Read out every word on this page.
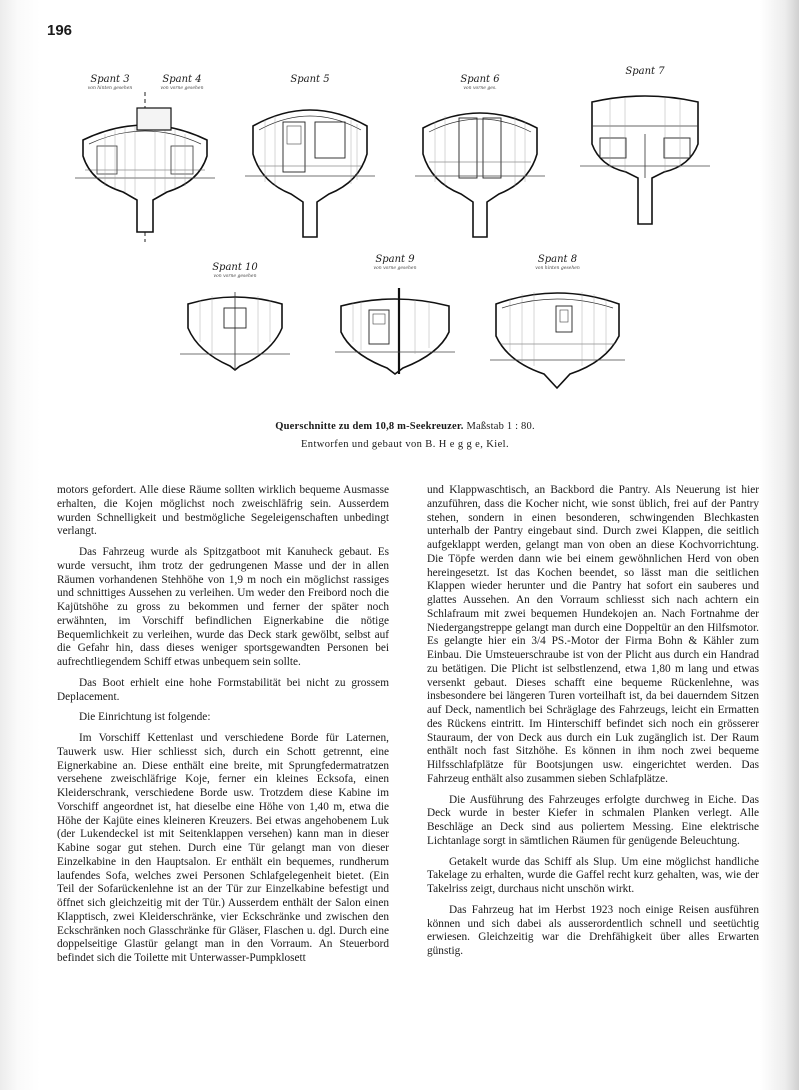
196
Spant 3
von hinten gesehen
Spant 4
von vorne gesehen
Spant 5	Spant 6
von vorne ges.
Spant 7
Spant 10
von vorne gesehen
Spant 9
von vorne gesehen
Spant 8
von hinten gesehen
Querschnitte zu dem 10,8 m-Seekreuzer. Maßstab 1 : 80.
Entworfen und gebaut von B. H e g g e, Kiel.

motors gefordert. Alle diese Räume sollten wirklich bequeme Ausmasse erhalten, die Kojen möglichst noch zweischläfrig sein. Ausserdem wurden Schnelligkeit und bestmögliche Segeleigenschaften unbedingt verlangt.

Das Fahrzeug wurde als Spitzgatboot mit Kanuheck gebaut. Es wurde versucht, ihm trotz der gedrungenen Masse und der in allen Räumen vorhandenen Stehhöhe von 1,9 m noch ein möglichst rassiges und schnittiges Aussehen zu verleihen. Um weder den Freibord noch die Kajütshöhe zu gross zu bekommen und ferner der später noch erwähnten, im Vorschiff befindlichen Eignerkabine die nötige Bequemlichkeit zu verleihen, wurde das Deck stark gewölbt, selbst auf die Gefahr hin, dass dieses weniger sportsgewandten Personen bei aufrechtliegendem Schiff etwas unbequem sein sollte.

Das Boot erhielt eine hohe Formstabilität bei nicht zu grossem Deplacement.

Die Einrichtung ist folgende:

Im Vorschiff Kettenlast und verschiedene Borde für Laternen, Tauwerk usw. Hier schliesst sich, durch ein Schott getrennt, eine Eignerkabine an. Diese enthält eine breite, mit Sprungfedermatratzen versehene zweischläfrige Koje, ferner ein kleines Ecksofa, einen Kleiderschrank, verschiedene Borde usw. Trotzdem diese Kabine im Vorschiff angeordnet ist, hat dieselbe eine Höhe von 1,40 m, etwa die Höhe der Kajüte eines kleineren Kreuzers. Bei etwas angehobenem Luk (der Lukendeckel ist mit Seitenklappen versehen) kann man in dieser Kabine sogar gut stehen. Durch eine Tür gelangt man von dieser Einzelkabine in den Hauptsalon. Er enthält ein bequemes, rundherum laufendes Sofa, welches zwei Personen Schlafgelegenheit bietet. (Ein Teil der Sofarückenlehne ist an der Tür zur Einzelkabine befestigt und öffnet sich gleichzeitig mit der Tür.) Ausserdem enthält der Salon einen Klapptisch, zwei Kleiderschränke, vier Eckschränke und zwischen den Eckschränken noch Glasschränke für Gläser, Flaschen u. dgl. Durch eine doppelseitige Glastür gelangt man in den Vorraum. An Steuerbord befindet sich die Toilette mit Unterwasser-Pumpklosett

und Klappwaschtisch, an Backbord die Pantry. Als Neuerung ist hier anzuführen, dass die Kocher nicht, wie sonst üblich, frei auf der Pantry stehen, sondern in einen besonderen, schwingenden Blechkasten unterhalb der Pantry eingebaut sind. Durch zwei Klappen, die seitlich aufgeklappt werden, gelangt man von oben an diese Kochvorrichtung. Die Töpfe werden dann wie bei einem gewöhnlichen Herd von oben hereingesetzt. Ist das Kochen beendet, so lässt man die seitlichen Klappen wieder herunter und die Pantry hat sofort ein sauberes und glattes Aussehen. An den Vorraum schliesst sich nach achtern ein Schlafraum mit zwei bequemen Hundekojen an. Nach Fortnahme der Niedergangstreppe gelangt man durch eine Doppeltür an den Hilfsmotor. Es gelangte hier ein 3/4 PS.-Motor der Firma Bohn & Kähler zum Einbau. Die Umsteuerschraube ist von der Plicht aus durch ein Handrad zu betätigen. Die Plicht ist selbstlenzend, etwa 1,80 m lang und etwas versenkt gebaut. Dieses schafft eine bequeme Rückenlehne, was insbesondere bei längeren Turen vorteilhaft ist, da bei dauerndem Sitzen auf Deck, namentlich bei Schräglage des Fahrzeugs, leicht ein Ermatten des Rückens eintritt. Im Hinterschiff befindet sich noch ein grösserer Stauraum, der von Deck aus durch ein Luk zugänglich ist. Der Raum enthält noch fast Sitzhöhe. Es können in ihm noch zwei bequeme Hilfsschlafplätze für Bootsjungen usw. eingerichtet werden. Das Fahrzeug enthält also zusammen sieben Schlafplätze.

Die Ausführung des Fahrzeuges erfolgte durchweg in Eiche. Das Deck wurde in bester Kiefer in schmalen Planken verlegt. Alle Beschläge an Deck sind aus poliertem Messing. Eine elektrische Lichtanlage sorgt in sämtlichen Räumen für genügende Beleuchtung.

Getakelt wurde das Schiff als Slup. Um eine möglichst handliche Takelage zu erhalten, wurde die Gaffel recht kurz gehalten, was, wie der Takelriss zeigt, durchaus nicht unschön wirkt.

Das Fahrzeug hat im Herbst 1923 noch einige Reisen ausführen können und sich dabei als ausserordentlich schnell und seetüchtig erwiesen. Gleichzeitig war die Drehfähigkeit über alles Erwarten günstig.
